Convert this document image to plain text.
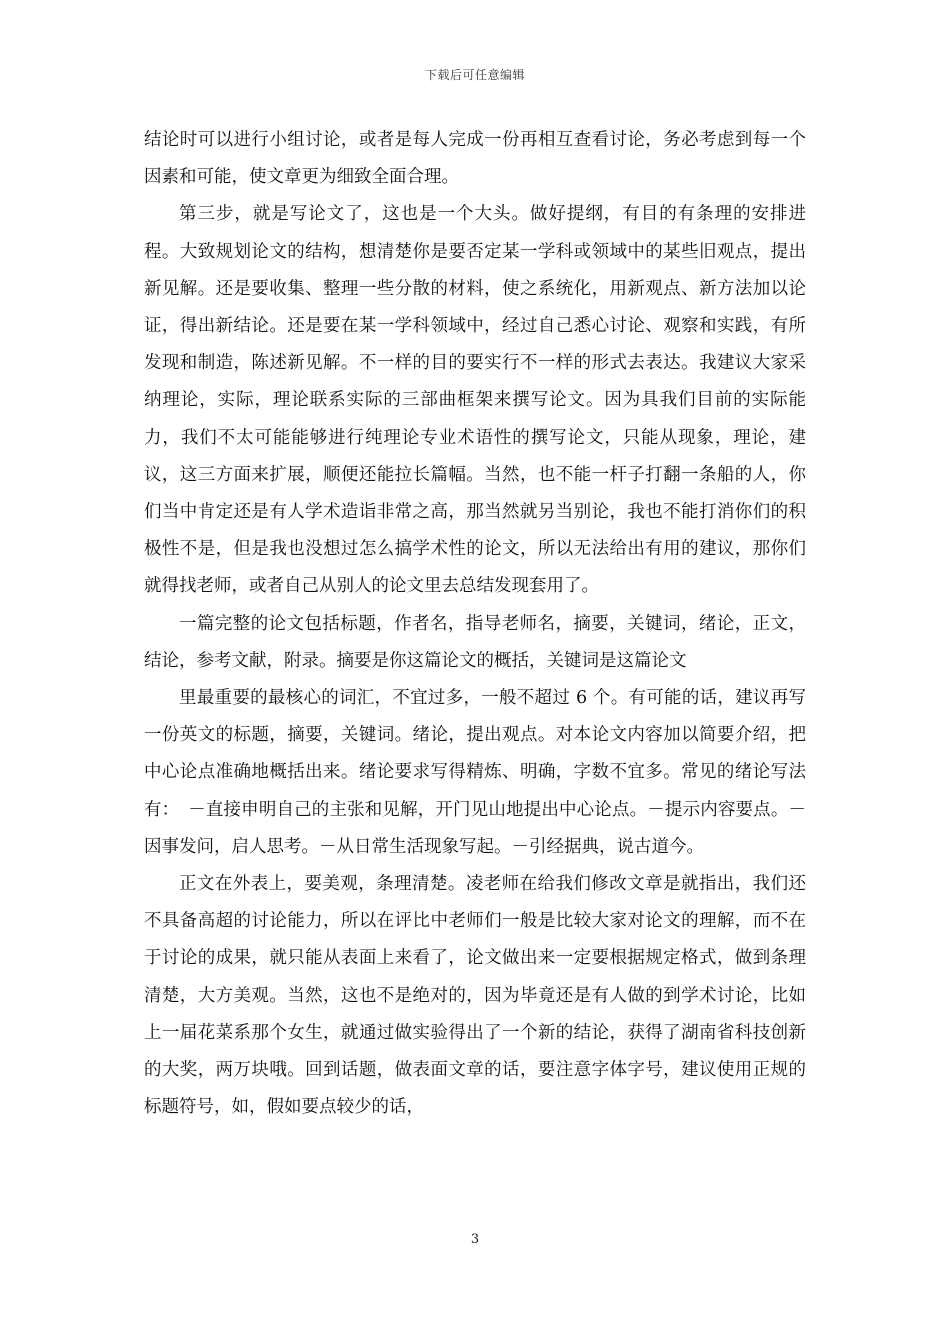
下载后可任意编辑

结论时可以进行小组讨论，或者是每人完成一份再相互查看讨论，务必考虑到每一个因素和可能，使文章更为细致全面合理。

第三步，就是写论文了，这也是一个大头。做好提纲，有目的有条理的安排进程。大致规划论文的结构，想清楚你是要否定某一学科或领域中的某些旧观点，提出新见解。还是要收集、整理一些分散的材料，使之系统化，用新观点、新方法加以论证，得出新结论。还是要在某一学科领域中，经过自己悉心讨论、观察和实践，有所发现和制造，陈述新见解。不一样的目的要实行不一样的形式去表达。我建议大家采纳理论，实际，理论联系实际的三部曲框架来撰写论文。因为具我们目前的实际能力，我们不太可能能够进行纯理论专业术语性的撰写论文，只能从现象，理论，建议，这三方面来扩展，顺便还能拉长篇幅。当然，也不能一杆子打翻一条船的人，你们当中肯定还是有人学术造诣非常之高，那当然就另当别论，我也不能打消你们的积极性不是，但是我也没想过怎么搞学术性的论文，所以无法给出有用的建议，那你们就得找老师，或者自己从别人的论文里去总结发现套用了。

一篇完整的论文包括标题，作者名，指导老师名，摘要，关键词，绪论，正文，结论，参考文献，附录。摘要是你这篇论文的概括，关键词是这篇论文

里最重要的最核心的词汇，不宜过多，一般不超过 6 个。有可能的话，建议再写一份英文的标题，摘要，关键词。绪论，提出观点。对本论文内容加以简要介绍，把中心论点准确地概括出来。绪论要求写得精炼、明确，字数不宜多。常见的绪论写法有：　－直接申明自己的主张和见解，开门见山地提出中心论点。－提示内容要点。－因事发问，启人思考。－从日常生活现象写起。－引经据典，说古道今。

正文在外表上，要美观，条理清楚。凌老师在给我们修改文章是就指出，我们还不具备高超的讨论能力，所以在评比中老师们一般是比较大家对论文的理解，而不在于讨论的成果，就只能从表面上来看了，论文做出来一定要根据规定格式，做到条理清楚，大方美观。当然，这也不是绝对的，因为毕竟还是有人做的到学术讨论，比如上一届花菜系那个女生，就通过做实验得出了一个新的结论，获得了湖南省科技创新的大奖，两万块哦。回到话题，做表面文章的话，要注意字体字号，建议使用正规的标题符号，如，假如要点较少的话，

3
